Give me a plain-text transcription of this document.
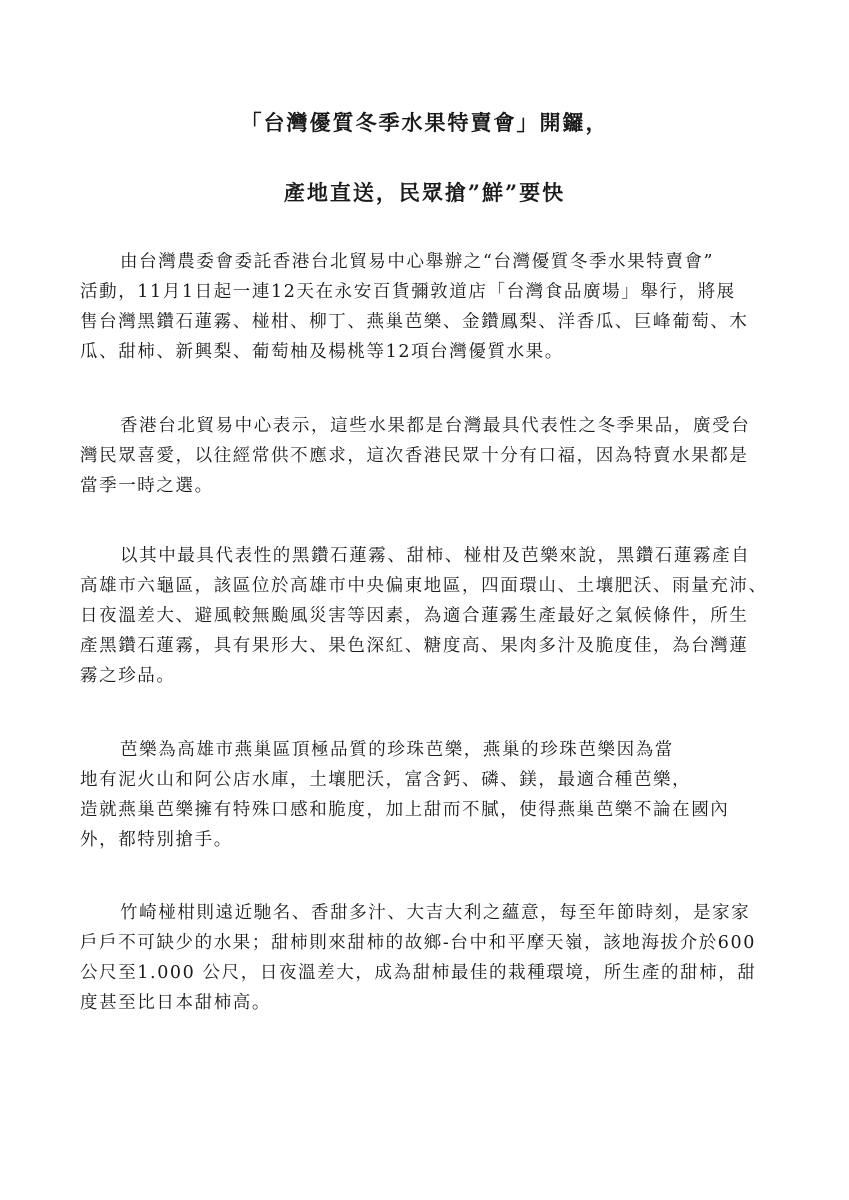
「台灣優質冬季水果特賣會」開鑼，
產地直送，民眾搶”鮮”要快
由台灣農委會委託香港台北貿易中心舉辦之“台灣優質冬季水果特賣會”
活動，11月1日起一連12天在永安百貨彌敦道店「台灣食品廣場」舉行，將展
售台灣黑鑽石蓮霧、椪柑、柳丁、燕巢芭樂、金鑽鳳梨、洋香瓜、巨峰葡萄、木
瓜、甜柿、新興梨、葡萄柚及楊桃等12項台灣優質水果。
香港台北貿易中心表示，這些水果都是台灣最具代表性之冬季果品，廣受台
灣民眾喜愛，以往經常供不應求，這次香港民眾十分有口福，因為特賣水果都是
當季一時之選。
以其中最具代表性的黑鑽石蓮霧、甜柿、椪柑及芭樂來說，黑鑽石蓮霧產自
高雄市六龜區，該區位於高雄市中央偏東地區，四面環山、土壤肥沃、雨量充沛、
日夜溫差大、避風較無颱風災害等因素，為適合蓮霧生產最好之氣候條件，所生
產黑鑽石蓮霧，具有果形大、果色深紅、糖度高、果肉多汁及脆度佳，為台灣蓮
霧之珍品。
芭樂為高雄市燕巢區頂極品質的珍珠芭樂，燕巢的珍珠芭樂因為當
地有泥火山和阿公店水庫，土壤肥沃，富含鈣、磷、鎂，最適合種芭樂，
造就燕巢芭樂擁有特殊口感和脆度，加上甜而不膩，使得燕巢芭樂不論在國內
外，都特別搶手。
竹崎椪柑則遠近馳名、香甜多汁、大吉大利之蘊意，每至年節時刻，是家家
戶戶不可缺少的水果；甜柿則來甜柿的故鄉-台中和平摩天嶺，該地海拔介於600
公尺至1.000 公尺，日夜溫差大，成為甜柿最佳的栽種環境，所生產的甜柿，甜
度甚至比日本甜柿高。
